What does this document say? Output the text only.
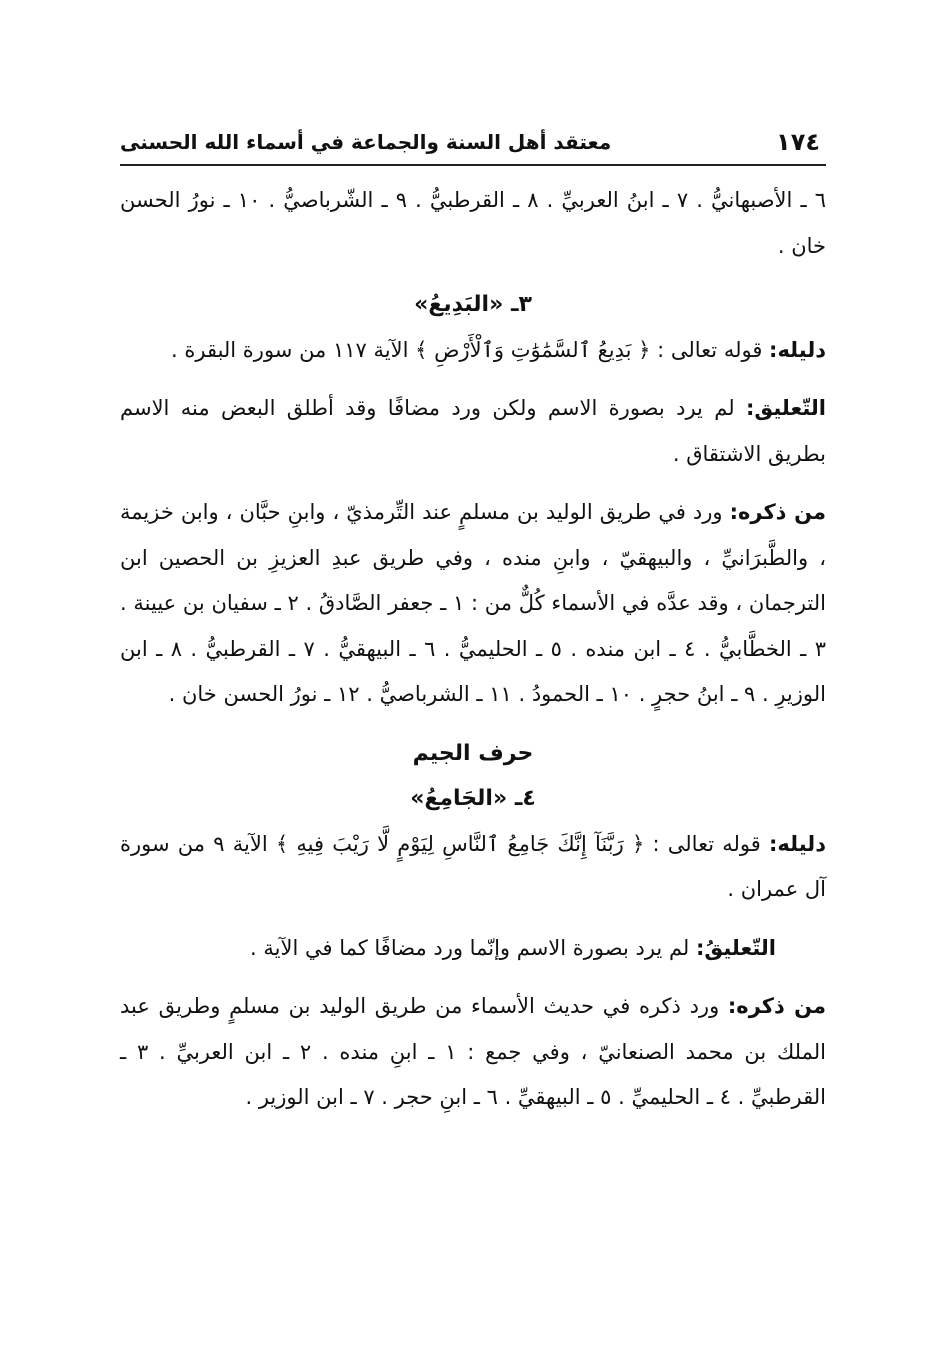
١٧٤
معتقد أهل السنة والجماعة في أسماء الله الحسنى

٦ ـ الأصبهانيُّ . ٧ ـ ابنُ العربيِّ . ٨ ـ القرطبيُّ . ٩ ـ الشّرباصيُّ . ١٠ ـ نورُ الحسن خان .

٣ـ «البَدِيعُ»

دليله: قوله تعالى : ﴿ بَدِيعُ ٱلسَّمَٰوَٰتِ وَٱلْأَرْضِ ﴾ الآية ١١٧ من سورة البقرة .

التّعليق: لم يرد بصورة الاسم ولكن ورد مضافًا وقد أطلق البعض منه الاسم بطريق الاشتقاق .

من ذكره: ورد في طريق الوليد بن مسلمٍ عند التِّرمذيّ ، وابنِ حبَّان ، وابن خزيمة ، والطَّبرَانيِّ ، والبيهقيّ ، وابنِ منده ، وفي طريق عبدِ العزيزِ بن الحصين ابن الترجمان ، وقد عدَّه في الأسماء كُلٌّ من : ١ ـ جعفر الصَّادقُ . ٢ ـ سفيان بن عيينة . ٣ ـ الخطَّابيُّ . ٤ ـ ابن منده . ٥ ـ الحليميُّ . ٦ ـ البيهقيُّ . ٧ ـ القرطبيُّ . ٨ ـ ابن الوزيرِ . ٩ ـ ابنُ حجرٍ . ١٠ ـ الحمودُ . ١١ ـ الشرباصيُّ . ١٢ ـ نورُ الحسن خان .

حرف الجيم

٤ـ «الجَامِعُ»

دليله: قوله تعالى : ﴿ رَبَّنَآ إِنَّكَ جَامِعُ ٱلنَّاسِ لِيَوْمٍ لَّا رَيْبَ فِيهِ ﴾ الآية ٩ من سورة آل عمران .

التّعليقُ: لم يرد بصورة الاسم وإنّما ورد مضافًا كما في الآية .

من ذكره: ورد ذكره في حديث الأسماء من طريق الوليد بن مسلمٍ وطريق عبد الملك بن محمد الصنعانيّ ، وفي جمع : ١ ـ ابنِ منده . ٢ ـ ابن العربيِّ . ٣ ـ القرطبيِّ . ٤ ـ الحليميِّ . ٥ ـ البيهقيِّ . ٦ ـ ابنِ حجر . ٧ ـ ابن الوزير .
